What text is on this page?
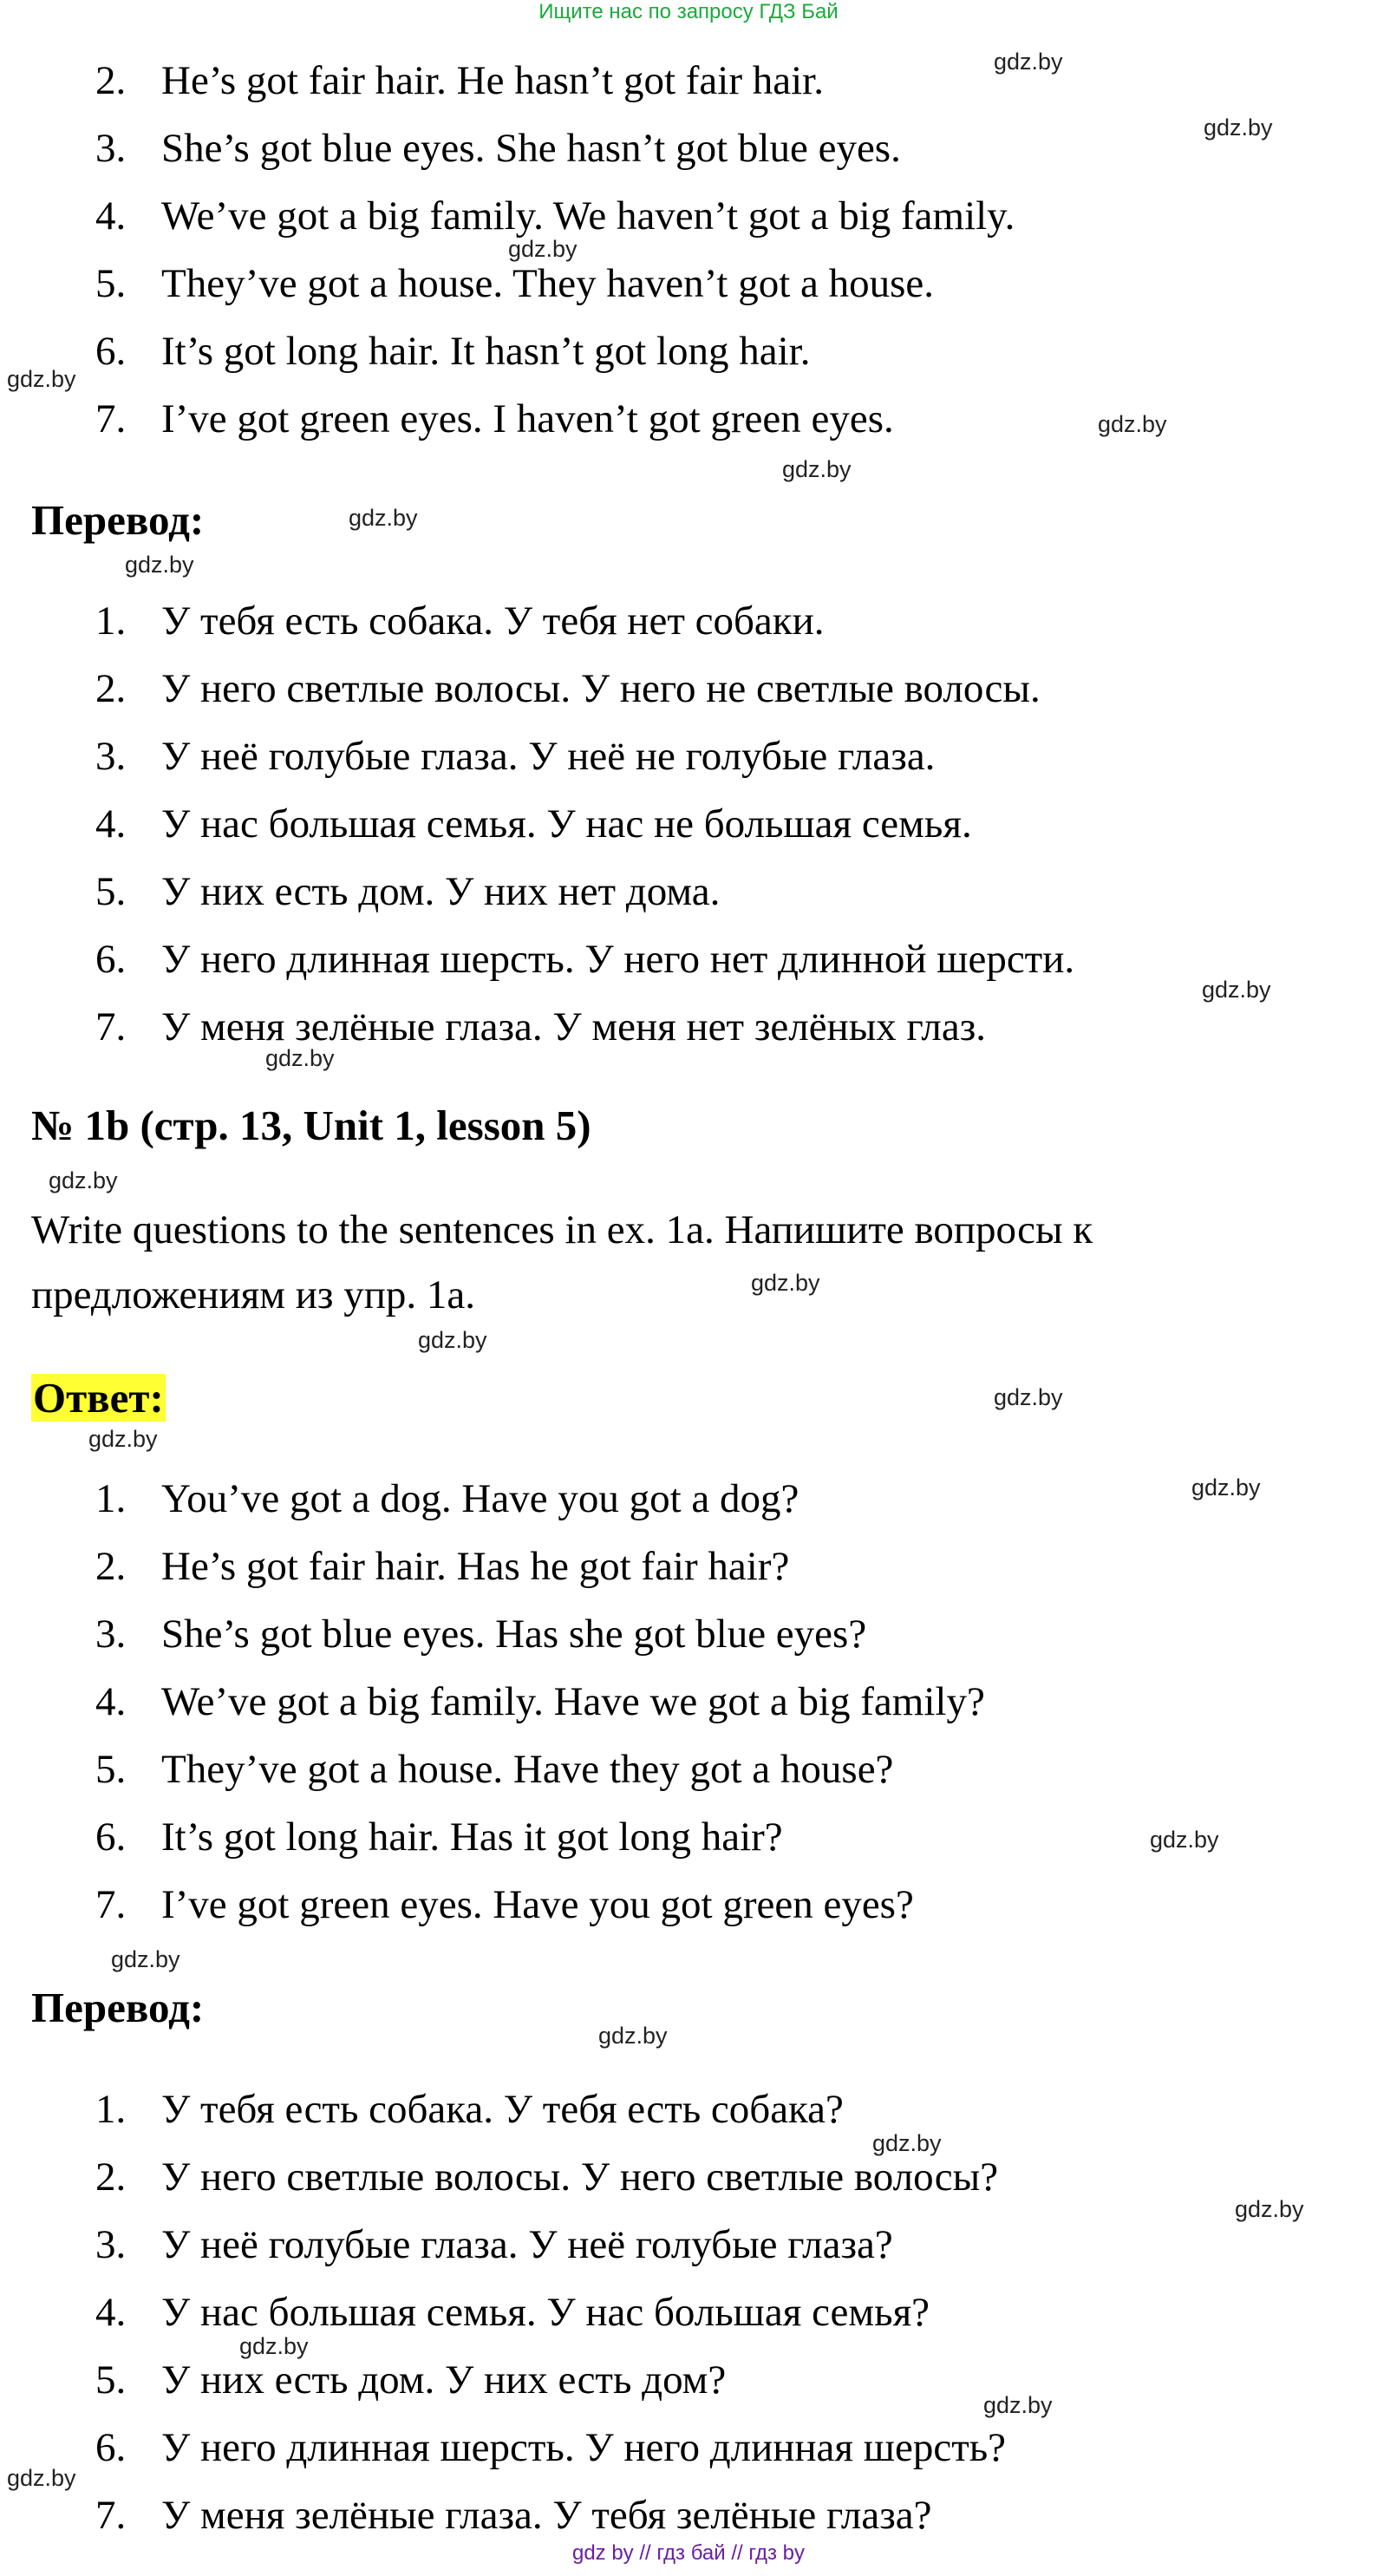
Ищите нас по запросу ГДЗ Бай
2. He’s got fair hair. He hasn’t got fair hair.
3. She’s got blue eyes. She hasn’t got blue eyes.
4. We’ve got a big family. We haven’t got a big family.
5. They’ve got a house. They haven’t got a house.
6. It’s got long hair. It hasn’t got long hair.
7. I’ve got green eyes. I haven’t got green eyes.
Перевод:
1. У тебя есть собака. У тебя нет собаки.
2. У него светлые волосы. У него не светлые волосы.
3. У неё голубые глаза. У неё не голубые глаза.
4. У нас большая семья. У нас не большая семья.
5. У них есть дом. У них нет дома.
6. У него длинная шерсть. У него нет длинной шерсти.
7. У меня зелёные глаза. У меня нет зелёных глаз.
№ 1b (стр. 13, Unit 1, lesson 5)
Write questions to the sentences in ex. 1a. Напишите вопросы к
предложениям из упр. 1a.
Ответ:
1. You’ve got a dog. Have you got a dog?
2. He’s got fair hair. Has he got fair hair?
3. She’s got blue eyes. Has she got blue eyes?
4. We’ve got a big family. Have we got a big family?
5. They’ve got a house. Have they got a house?
6. It’s got long hair. Has it got long hair?
7. I’ve got green eyes. Have you got green eyes?
Перевод:
1. У тебя есть собака. У тебя есть собака?
2. У него светлые волосы. У него светлые волосы?
3. У неё голубые глаза. У неё голубые глаза?
4. У нас большая семья. У нас большая семья?
5. У них есть дом. У них есть дом?
6. У него длинная шерсть. У него длинная шерсть?
7. У меня зелёные глаза. У тебя зелёные глаза?
gdz.by
gdz.by
gdz.by
gdz.by
gdz.by
gdz.by
gdz.by
gdz.by
gdz.by
gdz.by
gdz.by
gdz.by
gdz.by
gdz.by
gdz.by
gdz.by
gdz.by
gdz.by
gdz.by
gdz.by
gdz.by
gdz.by
gdz.by
gdz.by
gdz by // гдз бай // гдз by
